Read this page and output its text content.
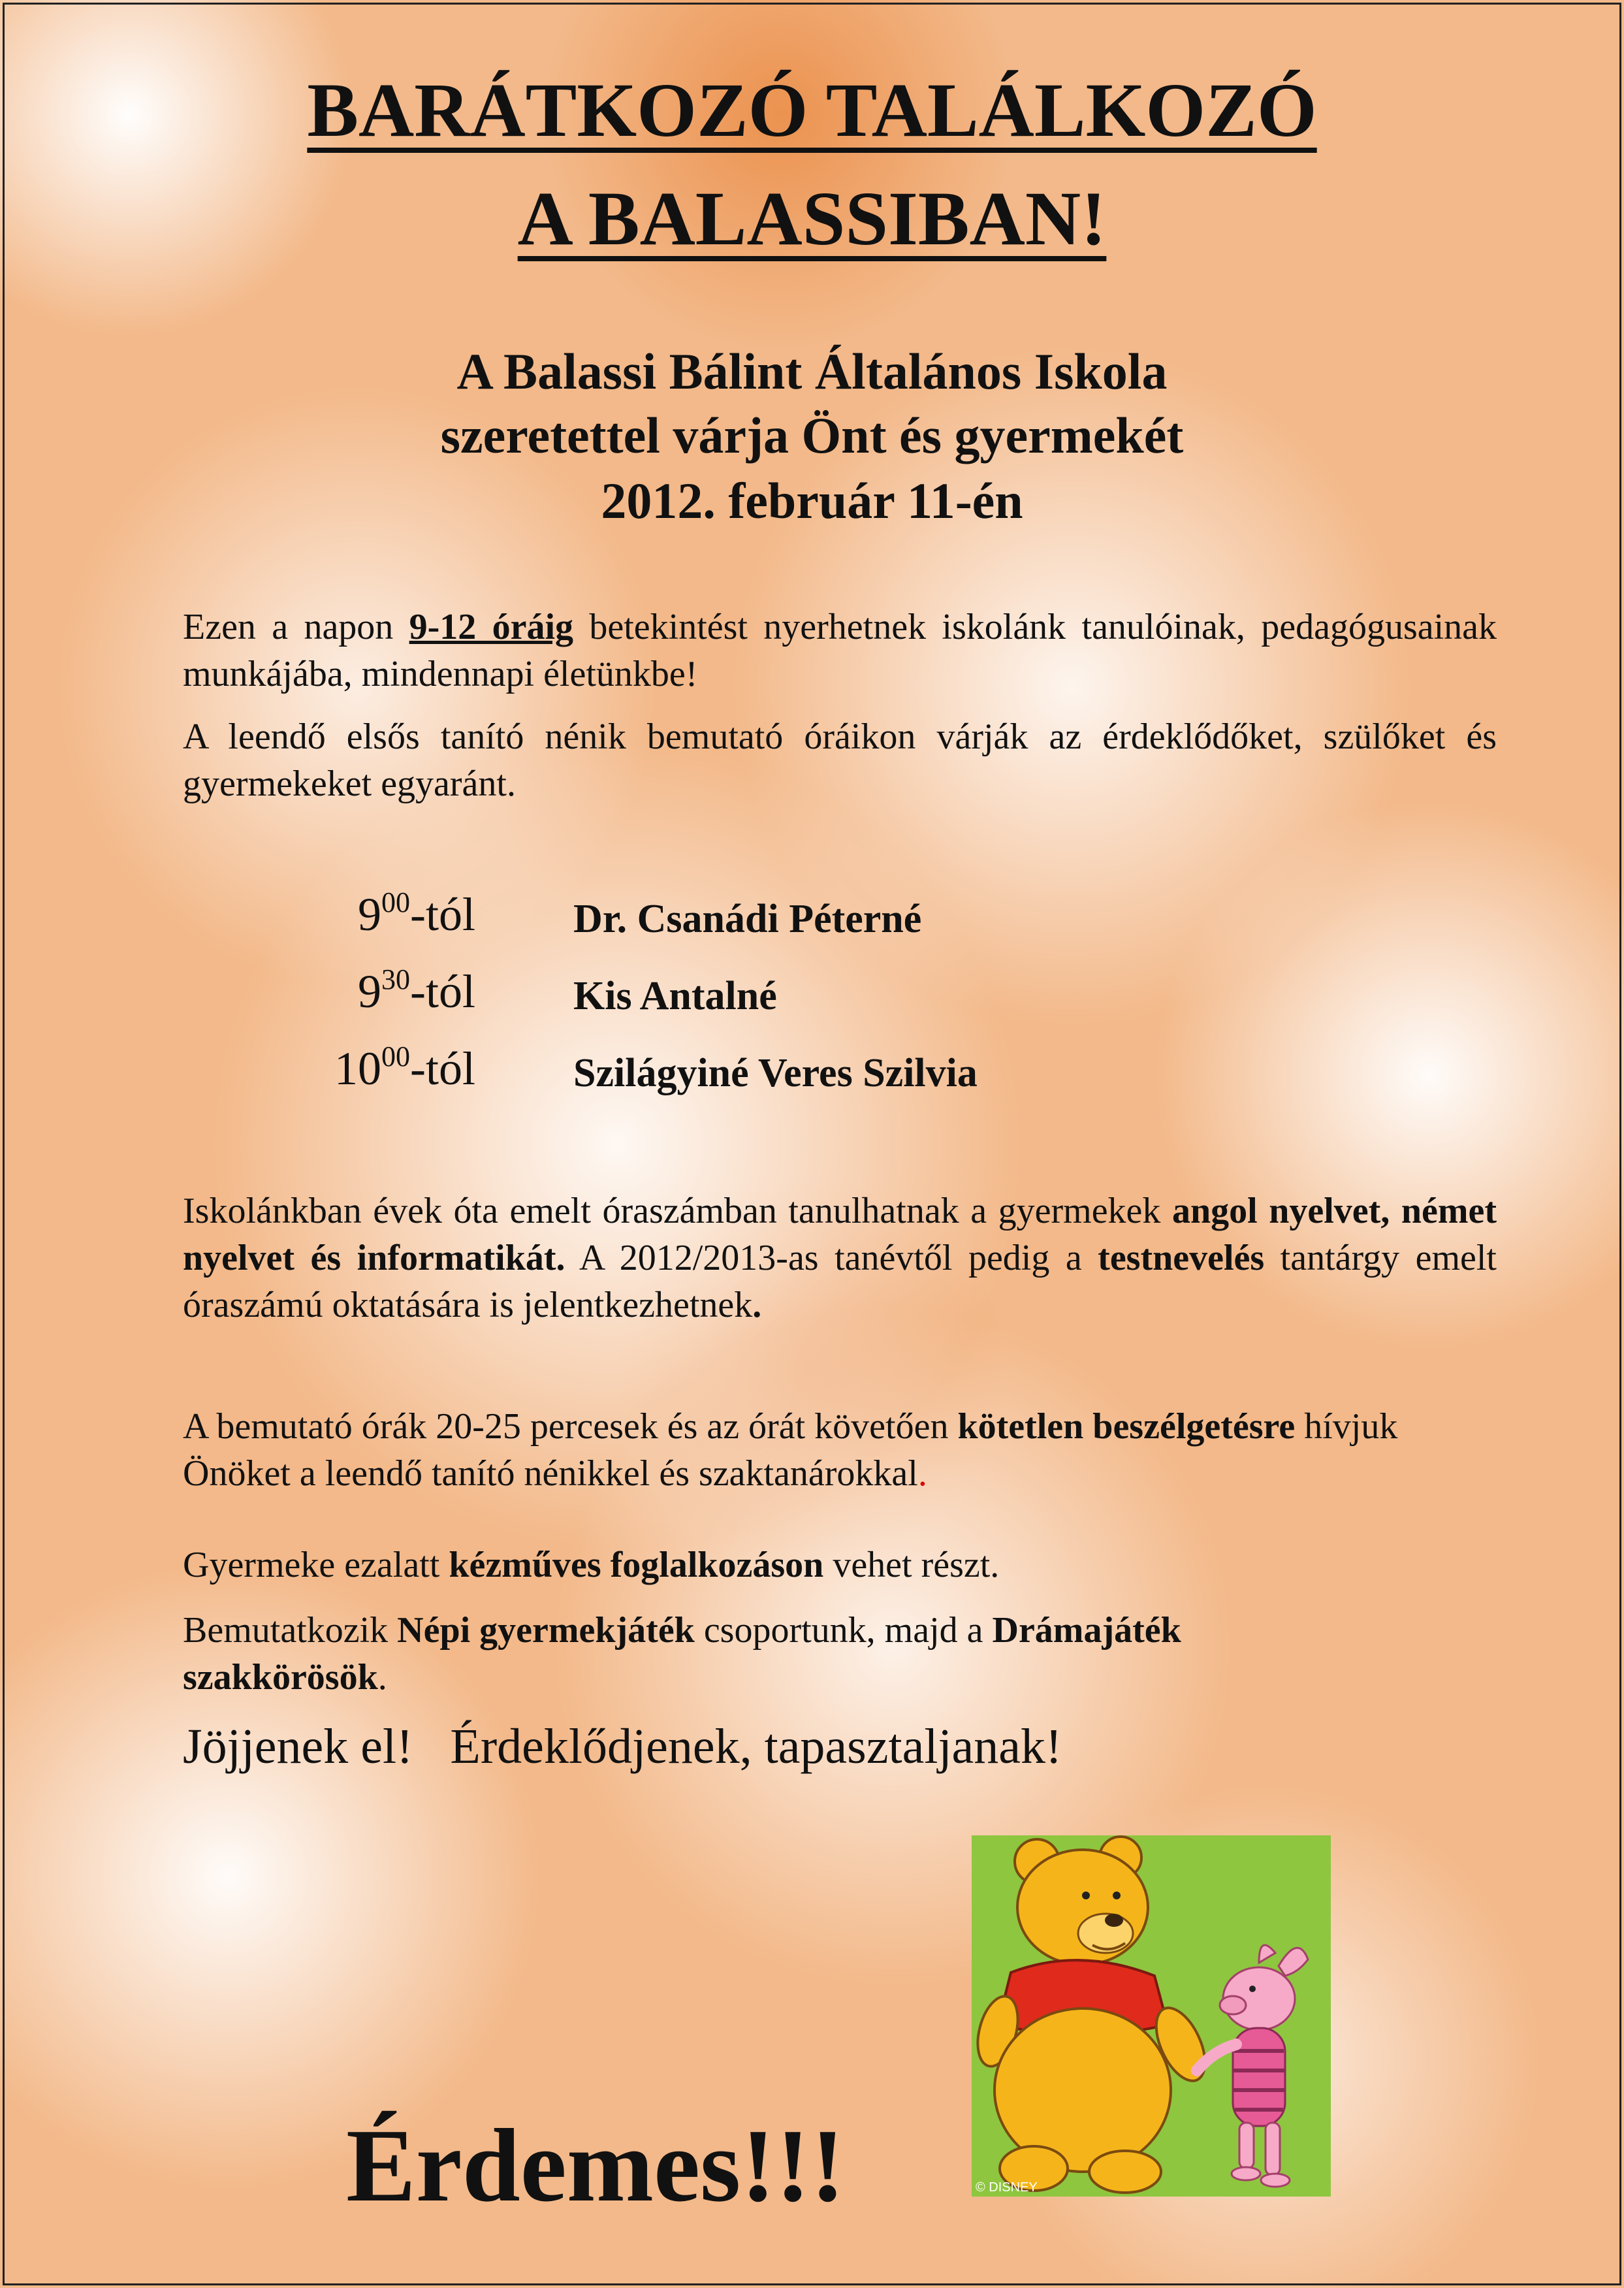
BARÁTKOZÓ TALÁLKOZÓ
A BALASSIBAN!
A Balassi Bálint Általános Iskola
szeretettel várja Önt és gyermekét
2012. február 11-én

Ezen a napon 9-12 óráig betekintést nyerhetnek iskolánk tanulóinak, pedagógusainak munkájába, mindennapi életünkbe!

A leendő elsős tanító nénik bemutató óráikon várják az érdeklődőket, szülőket és gyermekeket egyaránt.

$9^{00}$-tól Dr. Csanádi Péterné
$9^{30}$-tól Kis Antalné
$10^{00}$-tól Szilágyiné Veres Szilvia

Iskolánkban évek óta emelt óraszámban tanulhatnak a gyermekek angol nyelvet, német nyelvet és informatikát. A 2012/2013-as tanévtől pedig a testnevelés tantárgy emelt óraszámú oktatására is jelentkezhetnek.

A bemutató órák 20-25 percesek és az órát követően kötetlen beszélgetésre hívjuk Önöket a leendő tanító nénikkel és szaktanárokkal.

Gyermeke ezalatt kézműves foglalkozáson vehet részt.

Bemutatkozik Népi gyermekjáték csoportunk, majd a Drámajáték szakkörösök.

Jöjjenek el!   Érdeklődjenek, tapasztaljanak!
Érdemes!!!	© DISNEY
